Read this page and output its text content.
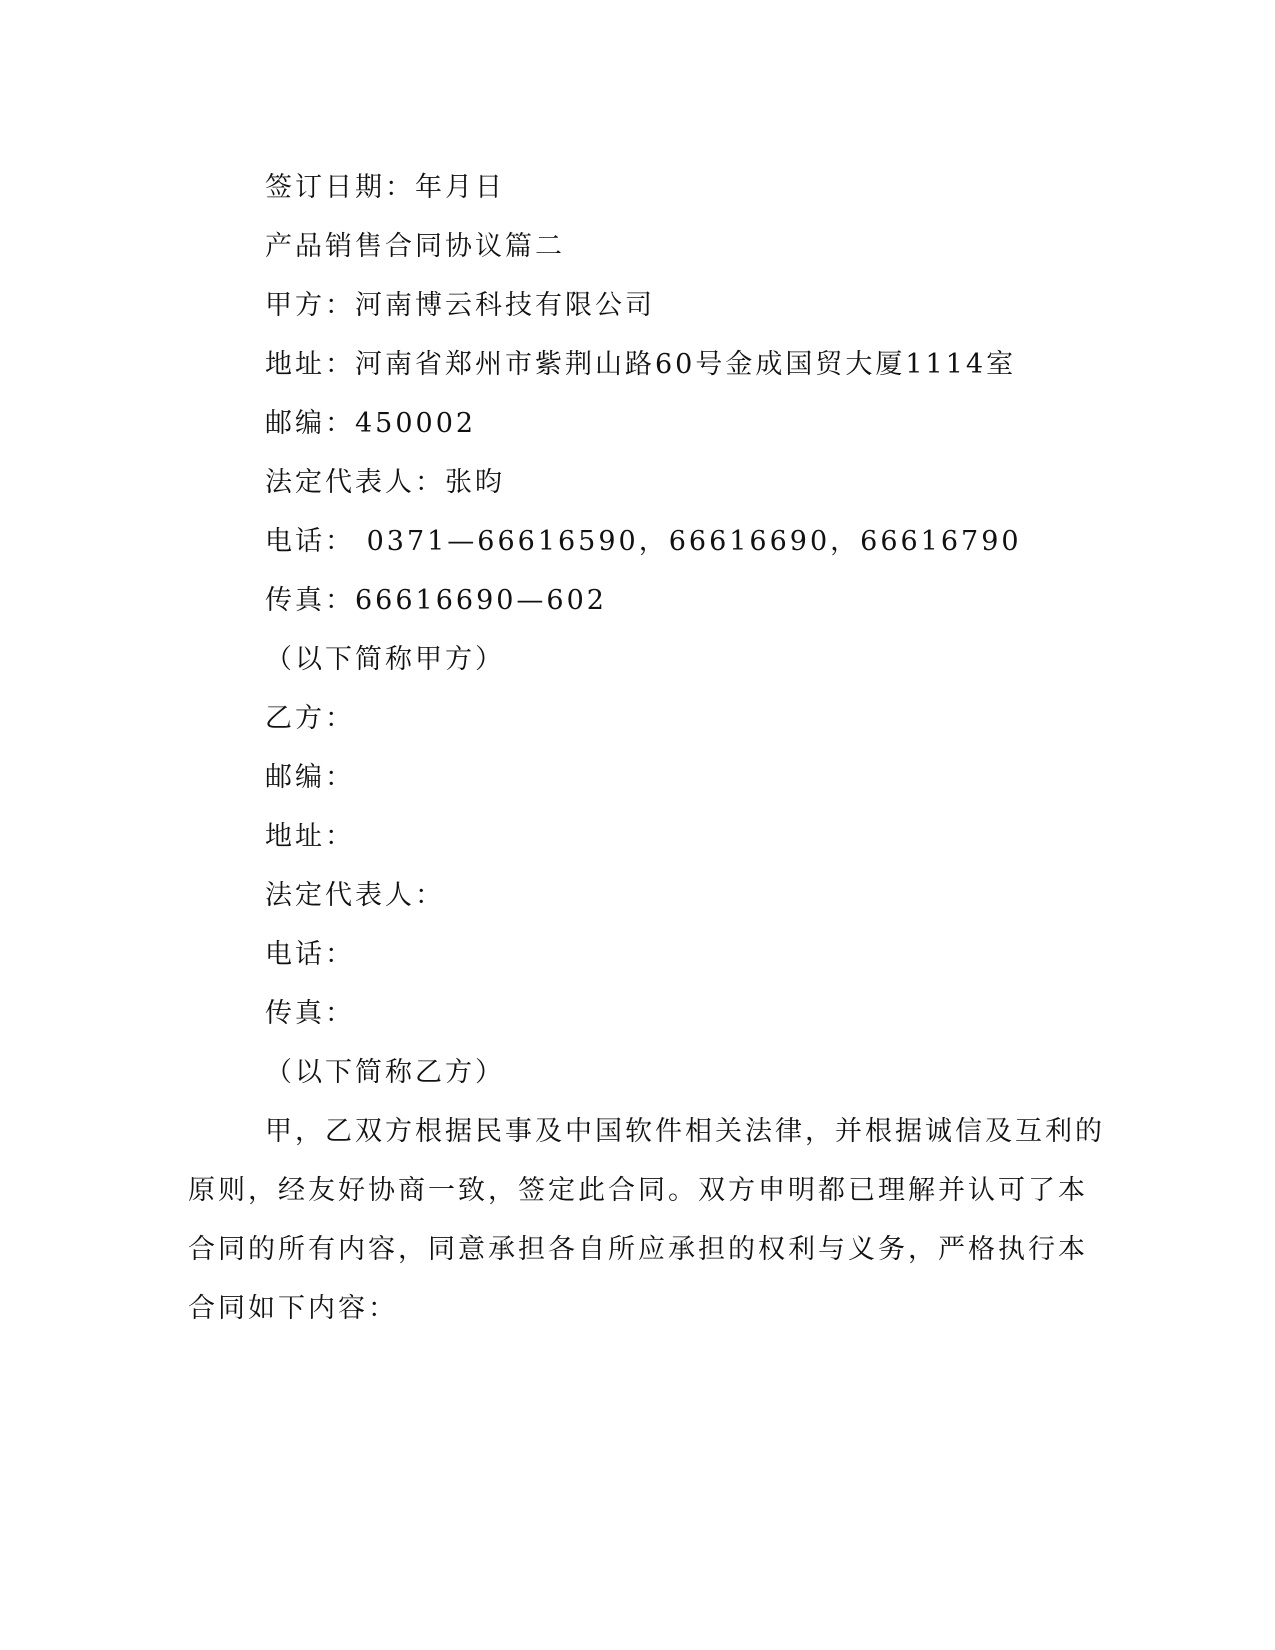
签订日期：年月日
产品销售合同协议篇二
甲方：河南博云科技有限公司
地址：河南省郑州市紫荆山路60号金成国贸大厦1114室
邮编：450002
法定代表人：张昀
电话： 0371—66616590，66616690，66616790
传真：66616690—602
（以下简称甲方）
乙方：
邮编：
地址：
法定代表人：
电话：
传真：
（以下简称乙方）
甲，乙双方根据民事及中国软件相关法律，并根据诚信及互利的
原则，经友好协商一致，签定此合同。双方申明都已理解并认可了本
合同的所有内容，同意承担各自所应承担的权利与义务，严格执行本
合同如下内容：
